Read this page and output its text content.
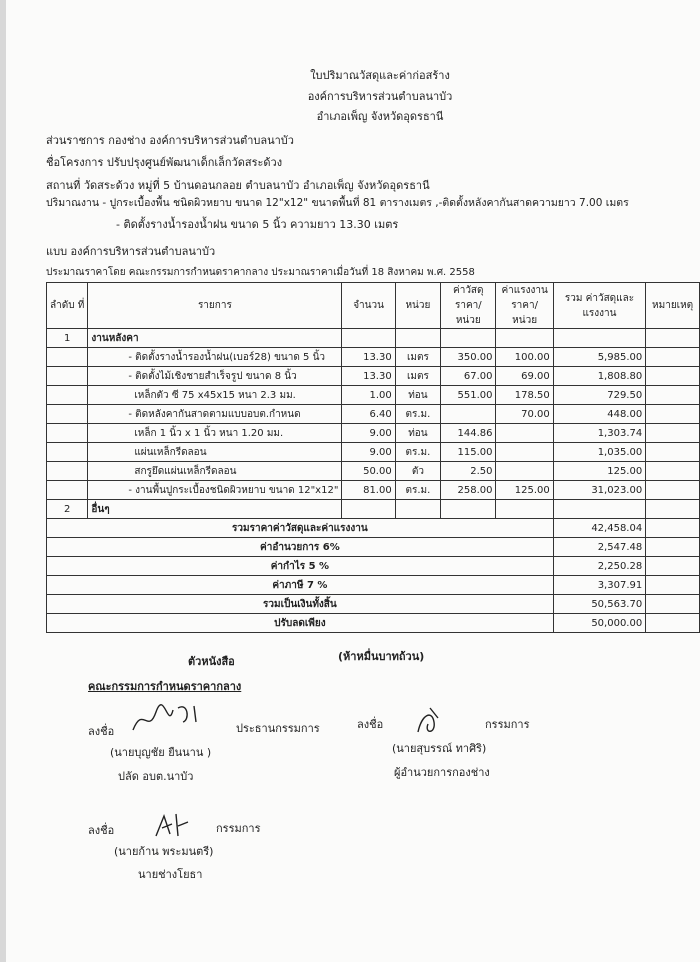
ใบปริมาณวัสดุและค่าก่อสร้าง
องค์การบริหารส่วนตำบลนาบัว
อำเภอเพ็ญ จังหวัดอุดรธานี
ส่วนราชการ กองช่าง องค์การบริหารส่วนตำบลนาบัว
ชื่อโครงการ ปรับปรุงศูนย์พัฒนาเด็กเล็กวัดสระด้วง
สถานที่ วัดสระด้วง หมู่ที่ 5 บ้านดอนกลอย ตำบลนาบัว อำเภอเพ็ญ จังหวัดอุดรธานี
ปริมาณงาน - ปูกระเบื้องพื้น ชนิดผิวหยาบ ขนาด 12"x12" ขนาดพื้นที่ 81 ตารางเมตร ,-ติดตั้งหลังคากันสาดความยาว 7.00 เมตร
- ติดตั้งรางน้ำรองน้ำฝน ขนาด 5 นิ้ว ความยาว 13.30 เมตร
แบบ องค์การบริหารส่วนตำบลนาบัว
ประมาณราคาโดย คณะกรรมการกำหนดราคากลาง ประมาณราคาเมื่อวันที่ 18 สิงหาคม พ.ศ. 2558
ลำดับ ที่	รายการ	จำนวน	หน่วย	ค่าวัสดุ ราคา/หน่วย	ค่าแรงงาน ราคา/หน่วย	รวม ค่าวัสดุและแรงงาน	หมายเหตุ
1	งานหลังคา						
	- ติดตั้งรางน้ำรองน้ำฝน(เบอร์28) ขนาด 5 นิ้ว	13.30	เมตร	350.00	100.00	5,985.00	
	- ติดตั้งไม้เชิงชายสำเร็จรูป ขนาด 8 นิ้ว	13.30	เมตร	67.00	69.00	1,808.80	
	เหล็กตัว ซี 75 x45x15 หนา 2.3 มม.	1.00	ท่อน	551.00	178.50	729.50	
	- ติดหลังคากันสาดตามแบบอบต.กำหนด	6.40	ตร.ม.		70.00	448.00	
	เหล็ก 1 นิ้ว x 1 นิ้ว หนา 1.20 มม.	9.00	ท่อน	144.86		1,303.74	
	แผ่นเหล็กรีดลอน	9.00	ตร.ม.	115.00		1,035.00	
	สกรูยึดแผ่นเหล็กรีดลอน	50.00	ตัว	2.50		125.00	
	- งานพื้นปูกระเบื้องชนิดผิวหยาบ ขนาด 12"x12"	81.00	ตร.ม.	258.00	125.00	31,023.00	
2	อื่นๆ						
รวมราคาค่าวัสดุและค่าแรงงาน						42,458.04	
ค่าอำนวยการ 6%						2,547.48	
ค่ากำไร 5 %						2,250.28	
ค่าภาษี 7 %						3,307.91	
รวมเป็นเงินทั้งสิ้น						50,563.70	
ปรับลดเพียง						50,000.00	
ตัวหนังสือ	(ห้าหมื่นบาทถ้วน)
คณะกรรมการกำหนดราคากลาง
ลงชื่อ	ประธานกรรมการ
(นายบุญชัย ยืนนาน )
ปลัด อบต.นาบัว
ลงชื่อ	กรรมการ
(นายสุบรรณ์ ทาศิริ)
ผู้อำนวยการกองช่าง
ลงชื่อ	กรรมการ
(นายก้าน พระมนตรี)
นายช่างโยธา
